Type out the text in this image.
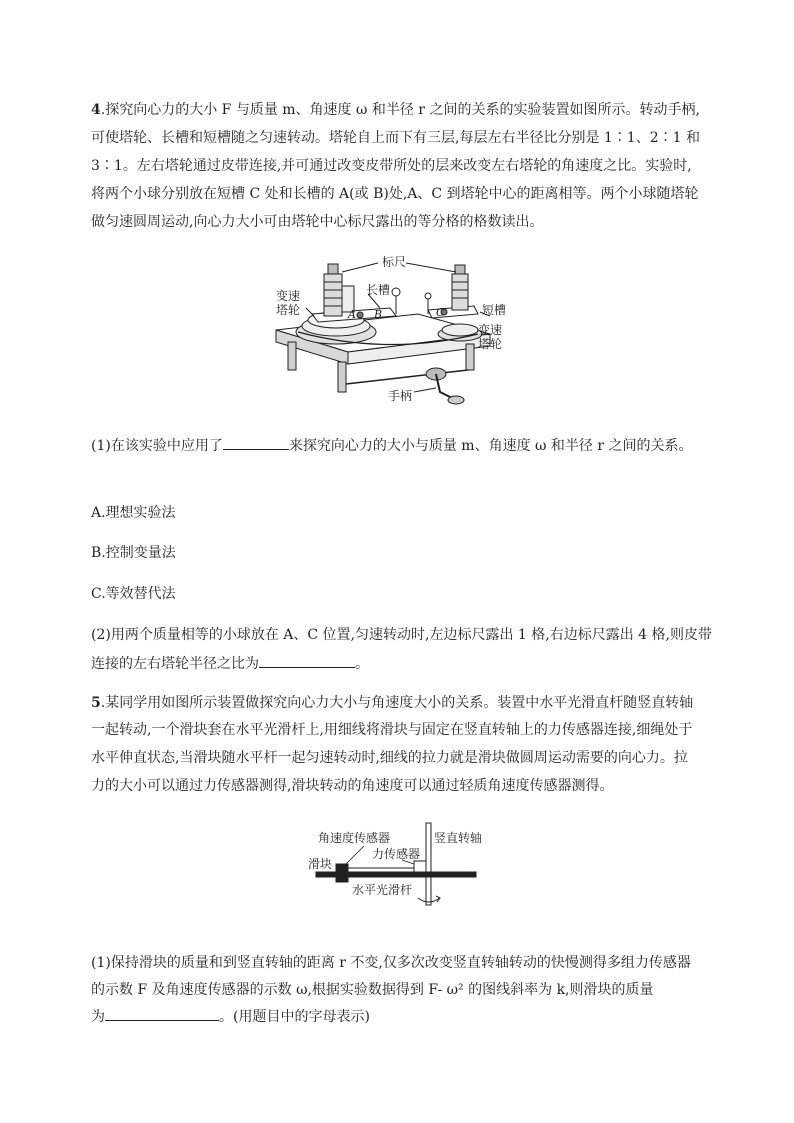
4.探究向心力的大小 F 与质量 m、角速度 ω 和半径 r 之间的关系的实验装置如图所示。转动手柄,
可使塔轮、长槽和短槽随之匀速转动。塔轮自上而下有三层,每层左右半径比分别是 1∶1、2∶1 和
3∶1。左右塔轮通过皮带连接,并可通过改变皮带所处的层来改变左右塔轮的角速度之比。实验时,
将两个小球分别放在短槽 C 处和长槽的 A(或 B)处,A、C 到塔轮中心的距离相等。两个小球随塔轮
做匀速圆周运动,向心力大小可由塔轮中心标尺露出的等分格的格数读出。
标尺
长槽
短槽
变速
塔轮
变速
塔轮
手柄
A B	C
(1)在该实验中应用了	来探究向心力的大小与质量 m、角速度 ω 和半径 r 之间的关系。
A.理想实验法
B.控制变量法
C.等效替代法
(2)用两个质量相等的小球放在 A、C 位置,匀速转动时,左边标尺露出 1 格,右边标尺露出 4 格,则皮带
连接的左右塔轮半径之比为	。
5.某同学用如图所示装置做探究向心力大小与角速度大小的关系。装置中水平光滑直杆随竖直转轴
一起转动,一个滑块套在水平光滑杆上,用细线将滑块与固定在竖直转轴上的力传感器连接,细绳处于
水平伸直状态,当滑块随水平杆一起匀速转动时,细线的拉力就是滑块做圆周运动需要的向心力。拉
力的大小可以通过力传感器测得,滑块转动的角速度可以通过轻质角速度传感器测得。
角速度传感器	竖直转轴
力传感器
滑块
水平光滑杆
(1)保持滑块的质量和到竖直转轴的距离 r 不变,仅多次改变竖直转轴转动的快慢测得多组力传感器
的示数 F 及角速度传感器的示数 ω,根据实验数据得到 F- ω² 的图线斜率为 k,则滑块的质量
为	。(用题目中的字母表示)
